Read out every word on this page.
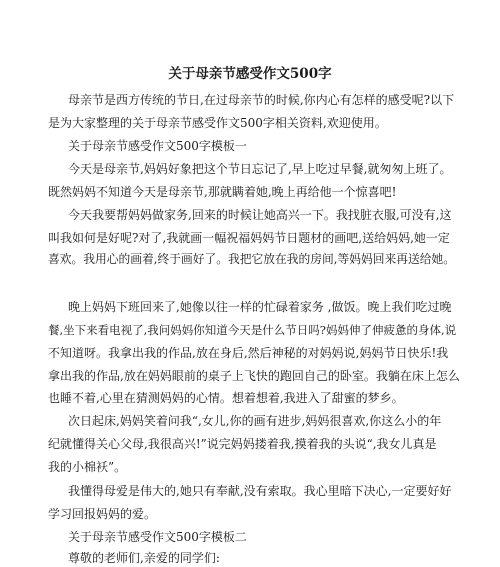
关于母亲节感受作文500字
母亲节是西方传统的节日,在过母亲节的时候,你内心有怎样的感受呢?以下
是为大家整理的关于母亲节感受作文500字相关资料,欢迎使用。
关于母亲节感受作文500字模板一
今天是母亲节,妈妈好象把这个节日忘记了,早上吃过早餐,就匆匆上班了。
既然妈妈不知道今天是母亲节,那就瞒着她,晚上再给他一个惊喜吧!
今天我要帮妈妈做家务,回来的时候让她高兴一下。我找脏衣服,可没有,这
叫我如何是好呢?对了,我就画一幅祝福妈妈节日题材的画吧,送给妈妈,她一定
喜欢。我用心的画着,终于画好了。我把它放在我的房间,等妈妈回来再送给她。
晚上妈妈下班回来了,她像以往一样的忙碌着家务 ,做饭。晚上我们吃过晚
餐,坐下来看电视了,我问妈妈你知道今天是什么节日吗?妈妈伸了伸疲惫的身体,说
不知道呀。我拿出我的作品,放在身后,然后神秘的对妈妈说,妈妈节日快乐!我
拿出我的作品,放在妈妈眼前的桌子上飞快的跑回自己的卧室。我躺在床上怎么
也睡不着,心里在猜测妈妈的心情。想着想着,我进入了甜蜜的梦乡。
次日起床,妈妈笑着问我“,女儿,你的画有进步,妈妈很喜欢,你这么小的年
纪就懂得关心父母,我很高兴!”说完妈妈搂着我,摸着我的头说“,我女儿真是
我的小棉袄”。
我懂得母爱是伟大的,她只有奉献,没有索取。我心里暗下决心,一定要好好
学习回报妈妈的爱。
关于母亲节感受作文500字模板二
尊敬的老师们,亲爱的同学们:
